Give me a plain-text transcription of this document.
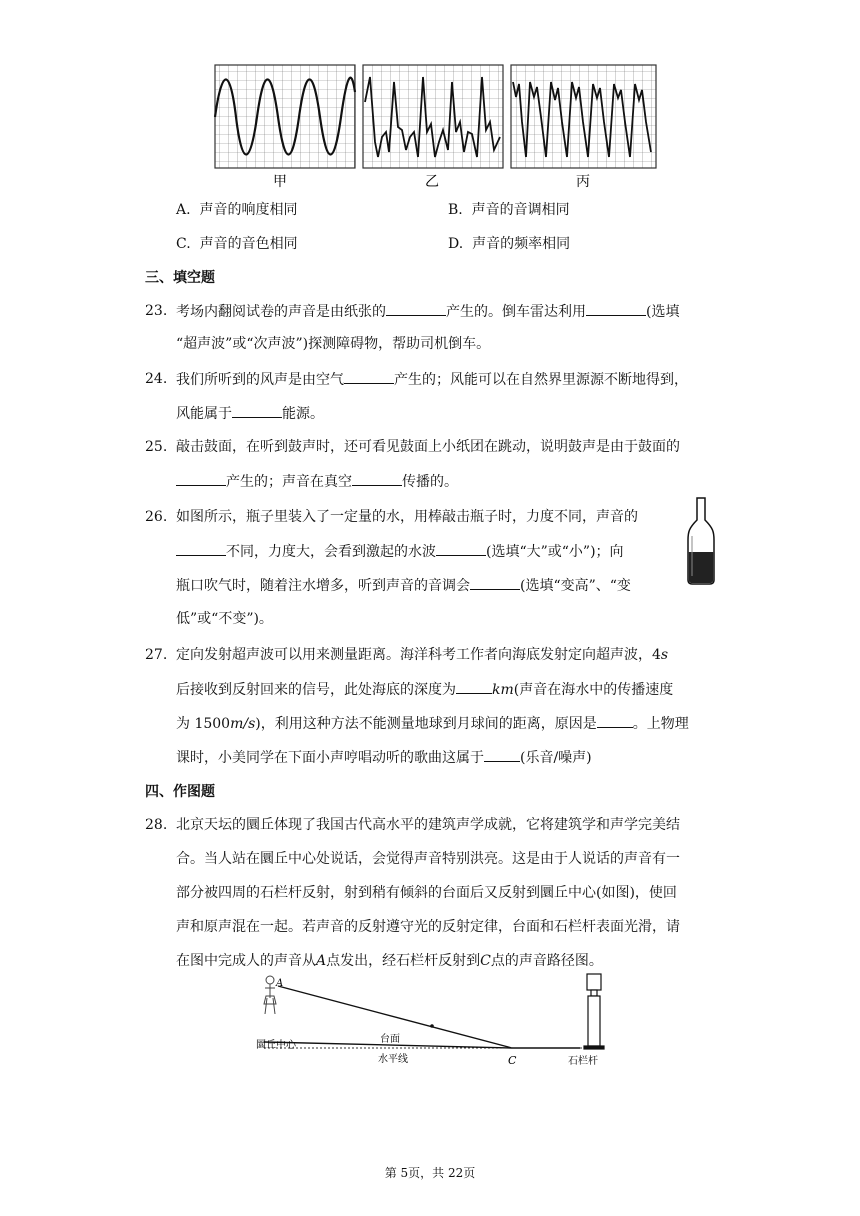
甲	乙	丙
A. 声音的响度相同	B. 声音的音调相同
C. 声音的音色相同	D. 声音的频率相同
三、填空题
23. 考场内翻阅试卷的声音是由纸张的	产生的。倒车雷达利用	(选填
“超声波”或“次声波”)探测障碍物，帮助司机倒车。
24. 我们所听到的风声是由空气	产生的；风能可以在自然界里源源不断地得到，
风能属于	能源。
25. 敲击鼓面，在听到鼓声时，还可看见鼓面上小纸团在跳动，说明鼓声是由于鼓面的
产生的；声音在真空	传播的。
26. 如图所示，瓶子里装入了一定量的水，用棒敲击瓶子时，力度不同，声音的
不同，力度大，会看到激起的水波	(选填“大”或“小”)；向
瓶口吹气时，随着注水增多，听到声音的音调会	(选填“变高”、“变
低”或“不变”)。
27. 定向发射超声波可以用来测量距离。海洋科考工作者向海底发射定向超声波，4s
后接收到反射回来的信号，此处海底的深度为	km(声音在海水中的传播速度
为 1500m/s)，利用这种方法不能测量地球到月球间的距离，原因是	。上物理
课时，小美同学在下面小声哼唱动听的歌曲这属于	(乐音/噪声)
四、作图题
28. 北京天坛的圜丘体现了我国古代高水平的建筑声学成就，它将建筑学和声学完美结
合。当人站在圜丘中心处说话，会觉得声音特别洪亮。这是由于人说话的声音有一
部分被四周的石栏杆反射，射到稍有倾斜的台面后又反射到圜丘中心(如图)，使回
声和原声混在一起。若声音的反射遵守光的反射定律，台面和石栏杆表面光滑，请
在图中完成人的声音从A点发出，经石栏杆反射到C点的声音路径图。
A
C
台面
水平线
圜丘中心
石栏杆
第 5页，共 22页
